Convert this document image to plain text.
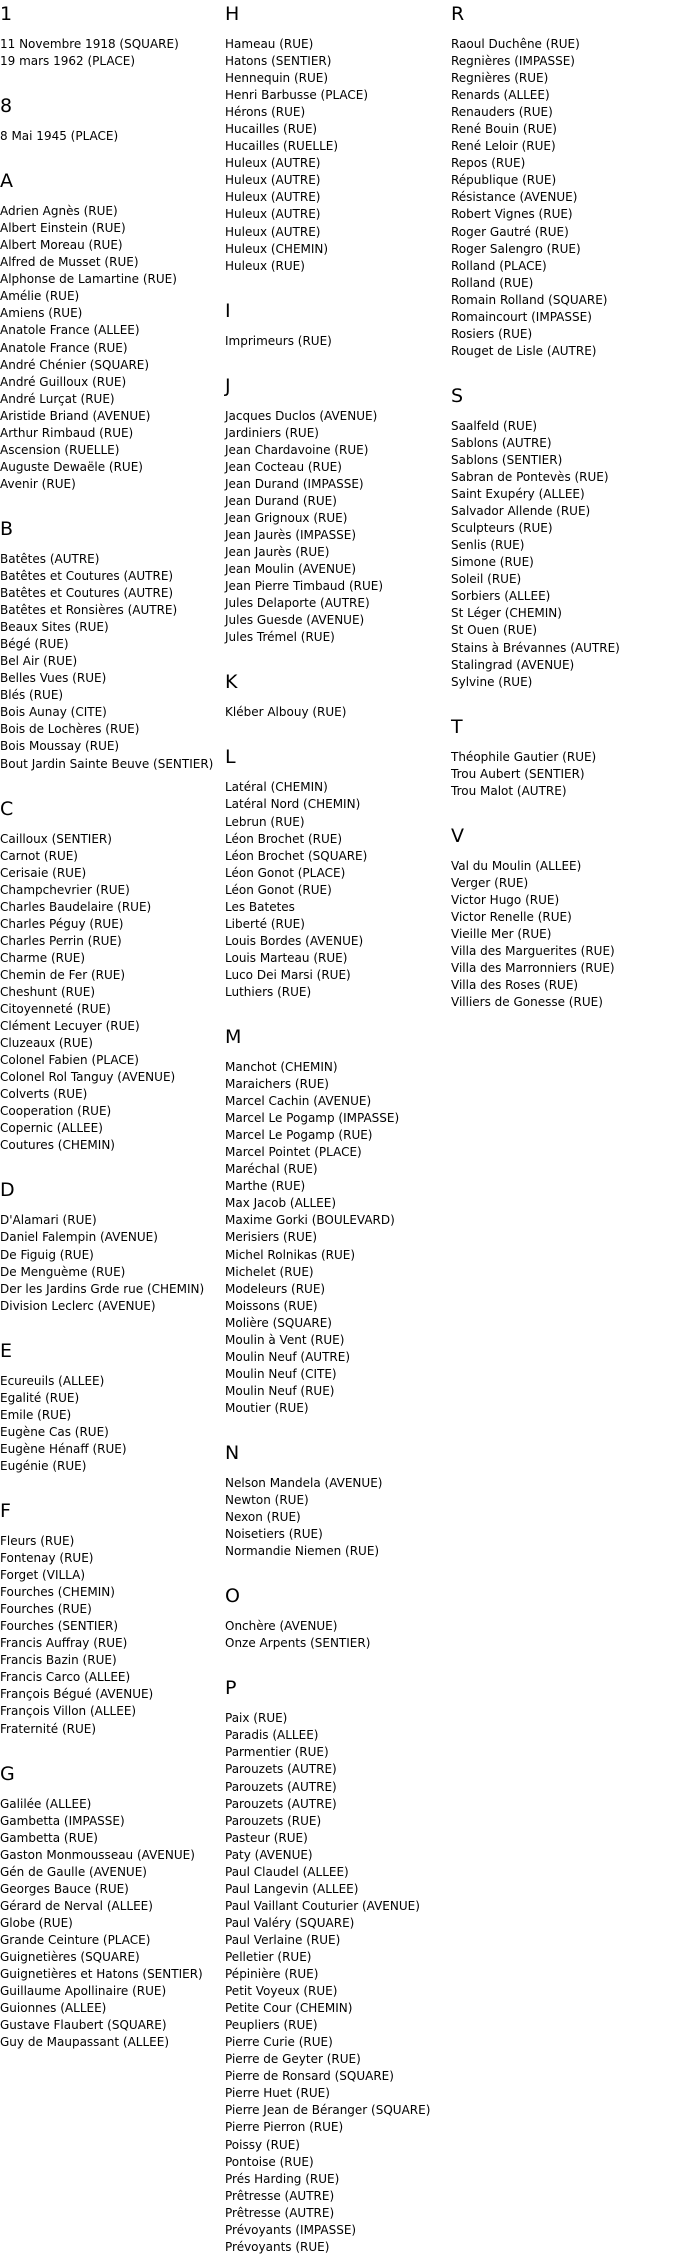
1
11 Novembre 1918 (SQUARE)
19 mars 1962 (PLACE)
8
8 Mai 1945 (PLACE)
A
Adrien Agnès (RUE)
Albert Einstein (RUE)
Albert Moreau (RUE)
Alfred de Musset (RUE)
Alphonse de Lamartine (RUE)
Amélie (RUE)
Amiens (RUE)
Anatole France (ALLEE)
Anatole France (RUE)
André Chénier (SQUARE)
André Guilloux (RUE)
André Lurçat (RUE)
Aristide Briand (AVENUE)
Arthur Rimbaud (RUE)
Ascension (RUELLE)
Auguste Dewaële (RUE)
Avenir (RUE)
B
Batêtes (AUTRE)
Batêtes et Coutures (AUTRE)
Batêtes et Coutures (AUTRE)
Batêtes et Ronsières (AUTRE)
Beaux Sites (RUE)
Bégé (RUE)
Bel Air (RUE)
Belles Vues (RUE)
Blés (RUE)
Bois Aunay (CITE)
Bois de Lochères (RUE)
Bois Moussay (RUE)
Bout Jardin Sainte Beuve (SENTIER)
C
Cailloux (SENTIER)
Carnot (RUE)
Cerisaie (RUE)
Champchevrier (RUE)
Charles Baudelaire (RUE)
Charles Péguy (RUE)
Charles Perrin (RUE)
Charme (RUE)
Chemin de Fer (RUE)
Cheshunt (RUE)
Citoyenneté (RUE)
Clément Lecuyer (RUE)
Cluzeaux (RUE)
Colonel Fabien (PLACE)
Colonel Rol Tanguy (AVENUE)
Colverts (RUE)
Cooperation (RUE)
Copernic (ALLEE)
Coutures (CHEMIN)
D
D'Alamari (RUE)
Daniel Falempin (AVENUE)
De Figuig (RUE)
De Menguème (RUE)
Der les Jardins Grde rue (CHEMIN)
Division Leclerc (AVENUE)
E
Ecureuils (ALLEE)
Egalité (RUE)
Emile (RUE)
Eugène Cas (RUE)
Eugène Hénaff (RUE)
Eugénie (RUE)
F
Fleurs (RUE)
Fontenay (RUE)
Forget (VILLA)
Fourches (CHEMIN)
Fourches (RUE)
Fourches (SENTIER)
Francis Auffray (RUE)
Francis Bazin (RUE)
Francis Carco (ALLEE)
François Bégué (AVENUE)
François Villon (ALLEE)
Fraternité (RUE)
G
Galilée (ALLEE)
Gambetta (IMPASSE)
Gambetta (RUE)
Gaston Monmousseau (AVENUE)
Gén de Gaulle (AVENUE)
Georges Bauce (RUE)
Gérard de Nerval (ALLEE)
Globe (RUE)
Grande Ceinture (PLACE)
Guignetières (SQUARE)
Guignetières et Hatons (SENTIER)
Guillaume Apollinaire (RUE)
Guionnes (ALLEE)
Gustave Flaubert (SQUARE)
Guy de Maupassant (ALLEE)
H
Hameau (RUE)
Hatons (SENTIER)
Hennequin (RUE)
Henri Barbusse (PLACE)
Hérons (RUE)
Hucailles (RUE)
Hucailles (RUELLE)
Huleux (AUTRE)
Huleux (AUTRE)
Huleux (AUTRE)
Huleux (AUTRE)
Huleux (AUTRE)
Huleux (CHEMIN)
Huleux (RUE)
I
Imprimeurs (RUE)
J
Jacques Duclos (AVENUE)
Jardiniers (RUE)
Jean Chardavoine (RUE)
Jean Cocteau (RUE)
Jean Durand (IMPASSE)
Jean Durand (RUE)
Jean Grignoux (RUE)
Jean Jaurès (IMPASSE)
Jean Jaurès (RUE)
Jean Moulin (AVENUE)
Jean Pierre Timbaud (RUE)
Jules Delaporte (AUTRE)
Jules Guesde (AVENUE)
Jules Trémel (RUE)
K
Kléber Albouy (RUE)
L
Latéral (CHEMIN)
Latéral Nord (CHEMIN)
Lebrun (RUE)
Léon Brochet (RUE)
Léon Brochet (SQUARE)
Léon Gonot (PLACE)
Léon Gonot (RUE)
Les Batetes
Liberté (RUE)
Louis Bordes (AVENUE)
Louis Marteau (RUE)
Luco Dei Marsi (RUE)
Luthiers (RUE)
M
Manchot (CHEMIN)
Maraichers (RUE)
Marcel Cachin (AVENUE)
Marcel Le Pogamp (IMPASSE)
Marcel Le Pogamp (RUE)
Marcel Pointet (PLACE)
Maréchal (RUE)
Marthe (RUE)
Max Jacob (ALLEE)
Maxime Gorki (BOULEVARD)
Merisiers (RUE)
Michel Rolnikas (RUE)
Michelet (RUE)
Modeleurs (RUE)
Moissons (RUE)
Molière (SQUARE)
Moulin à Vent (RUE)
Moulin Neuf (AUTRE)
Moulin Neuf (CITE)
Moulin Neuf (RUE)
Moutier (RUE)
N
Nelson Mandela (AVENUE)
Newton (RUE)
Nexon (RUE)
Noisetiers (RUE)
Normandie Niemen (RUE)
O
Onchère (AVENUE)
Onze Arpents (SENTIER)
P
Paix (RUE)
Paradis (ALLEE)
Parmentier (RUE)
Parouzets (AUTRE)
Parouzets (AUTRE)
Parouzets (AUTRE)
Parouzets (RUE)
Pasteur (RUE)
Paty (AVENUE)
Paul Claudel (ALLEE)
Paul Langevin (ALLEE)
Paul Vaillant Couturier (AVENUE)
Paul Valéry (SQUARE)
Paul Verlaine (RUE)
Pelletier (RUE)
Pépinière (RUE)
Petit Voyeux (RUE)
Petite Cour (CHEMIN)
Peupliers (RUE)
Pierre Curie (RUE)
Pierre de Geyter (RUE)
Pierre de Ronsard (SQUARE)
Pierre Huet (RUE)
Pierre Jean de Béranger (SQUARE)
Pierre Pierron (RUE)
Poissy (RUE)
Pontoise (RUE)
Prés Harding (RUE)
Prêtresse (AUTRE)
Prêtresse (AUTRE)
Prévoyants (IMPASSE)
Prévoyants (RUE)
R
Raoul Duchêne (RUE)
Regnières (IMPASSE)
Regnières (RUE)
Renards (ALLEE)
Renauders (RUE)
René Bouin (RUE)
René Leloir (RUE)
Repos (RUE)
République (RUE)
Résistance (AVENUE)
Robert Vignes (RUE)
Roger Gautré (RUE)
Roger Salengro (RUE)
Rolland (PLACE)
Rolland (RUE)
Romain Rolland (SQUARE)
Romaincourt (IMPASSE)
Rosiers (RUE)
Rouget de Lisle (AUTRE)
S
Saalfeld (RUE)
Sablons (AUTRE)
Sablons (SENTIER)
Sabran de Pontevès (RUE)
Saint Exupéry (ALLEE)
Salvador Allende (RUE)
Sculpteurs (RUE)
Senlis (RUE)
Simone (RUE)
Soleil (RUE)
Sorbiers (ALLEE)
St Léger (CHEMIN)
St Ouen (RUE)
Stains à Brévannes (AUTRE)
Stalingrad (AVENUE)
Sylvine (RUE)
T
Théophile Gautier (RUE)
Trou Aubert (SENTIER)
Trou Malot (AUTRE)
V
Val du Moulin (ALLEE)
Verger (RUE)
Victor Hugo (RUE)
Victor Renelle (RUE)
Vieille Mer (RUE)
Villa des Marguerites (RUE)
Villa des Marronniers (RUE)
Villa des Roses (RUE)
Villiers de Gonesse (RUE)
